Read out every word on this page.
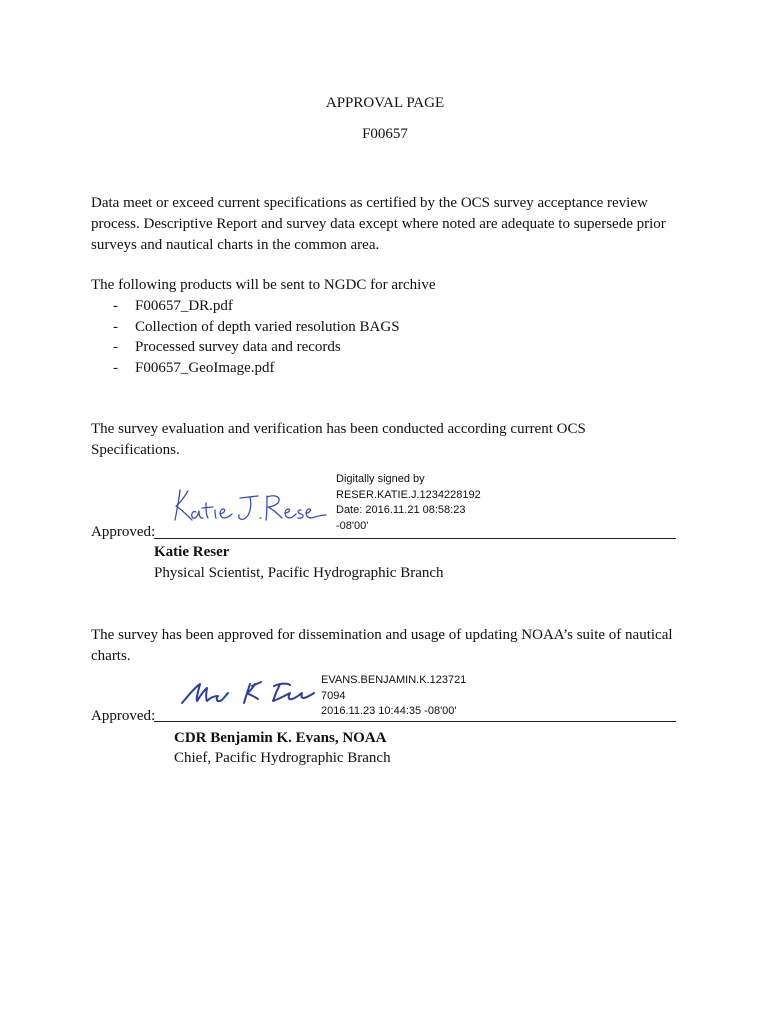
APPROVAL PAGE
F00657
Data meet or exceed current specifications as certified by the OCS survey acceptance review process. Descriptive Report and survey data except where noted are adequate to supersede prior surveys and nautical charts in the common area.
The following products will be sent to NGDC for archive
- F00657_DR.pdf
- Collection of depth varied resolution BAGS
- Processed survey data and records
- F00657_GeoImage.pdf
The survey evaluation and verification has been conducted according current OCS Specifications.
Digitally signed by
RESER.KATIE.J.1234228192
Date: 2016.11.21 08:58:23
-08'00'
Approved:
Katie Reser
Physical Scientist, Pacific Hydrographic Branch
The survey has been approved for dissemination and usage of updating NOAA’s suite of nautical charts.
EVANS.BENJAMIN.K.123721
7094
2016.11.23 10:44:35 -08'00'
Approved:
CDR Benjamin K. Evans, NOAA
Chief, Pacific Hydrographic Branch
